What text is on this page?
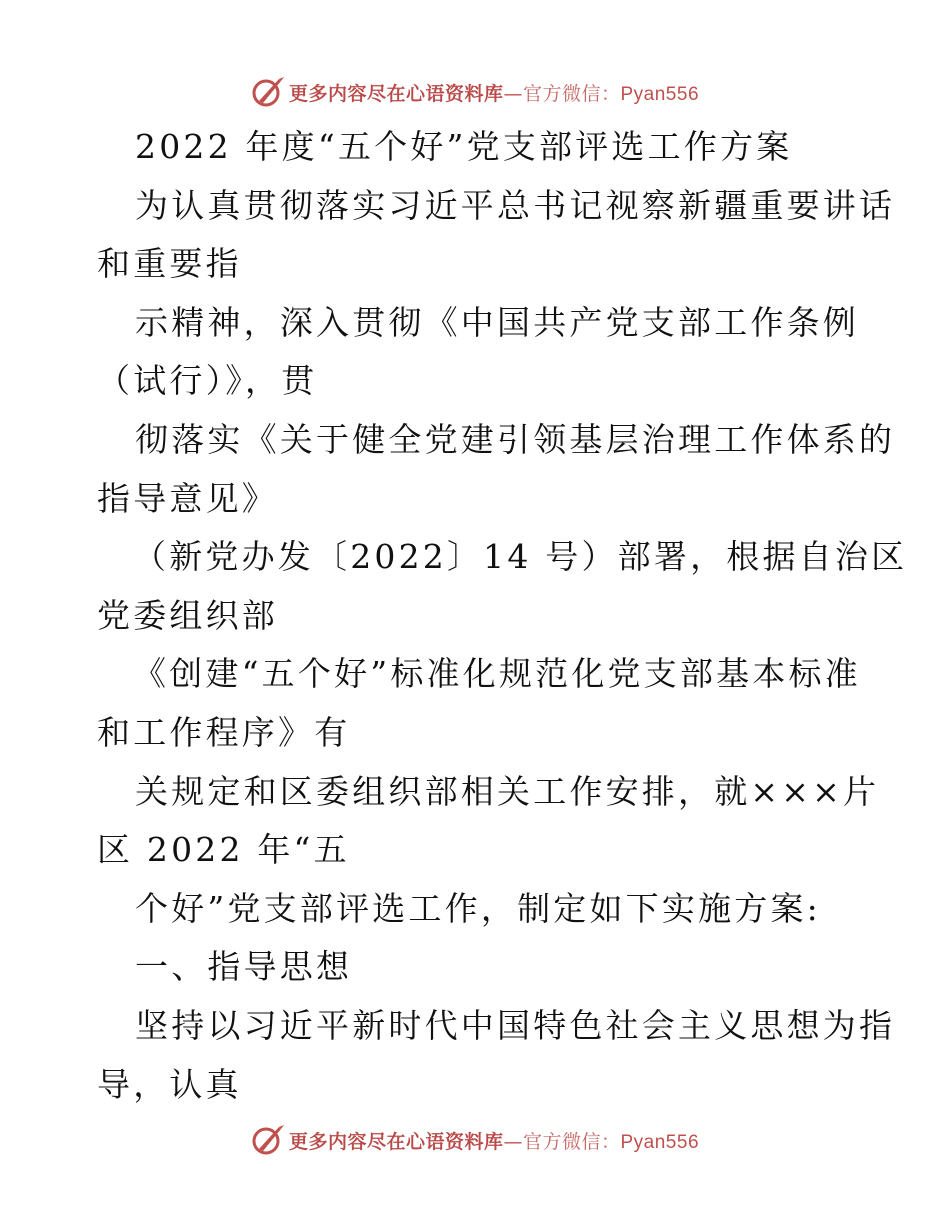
更多内容尽在心语资料库—官方微信：Pyan556
2022 年度“五个好”党支部评选工作方案
为认真贯彻落实习近平总书记视察新疆重要讲话
和重要指
示精神，深入贯彻《中国共产党支部工作条例
（试行）》，贯
彻落实《关于健全党建引领基层治理工作体系的
指导意见》
（新党办发〔2022〕14 号）部署，根据自治区
党委组织部
《创建“五个好”标准化规范化党支部基本标准
和工作程序》有
关规定和区委组织部相关工作安排，就×××片
区 2022 年“五
个好”党支部评选工作，制定如下实施方案:
一、指导思想
坚持以习近平新时代中国特色社会主义思想为指
导，认真
更多内容尽在心语资料库—官方微信：Pyan556
